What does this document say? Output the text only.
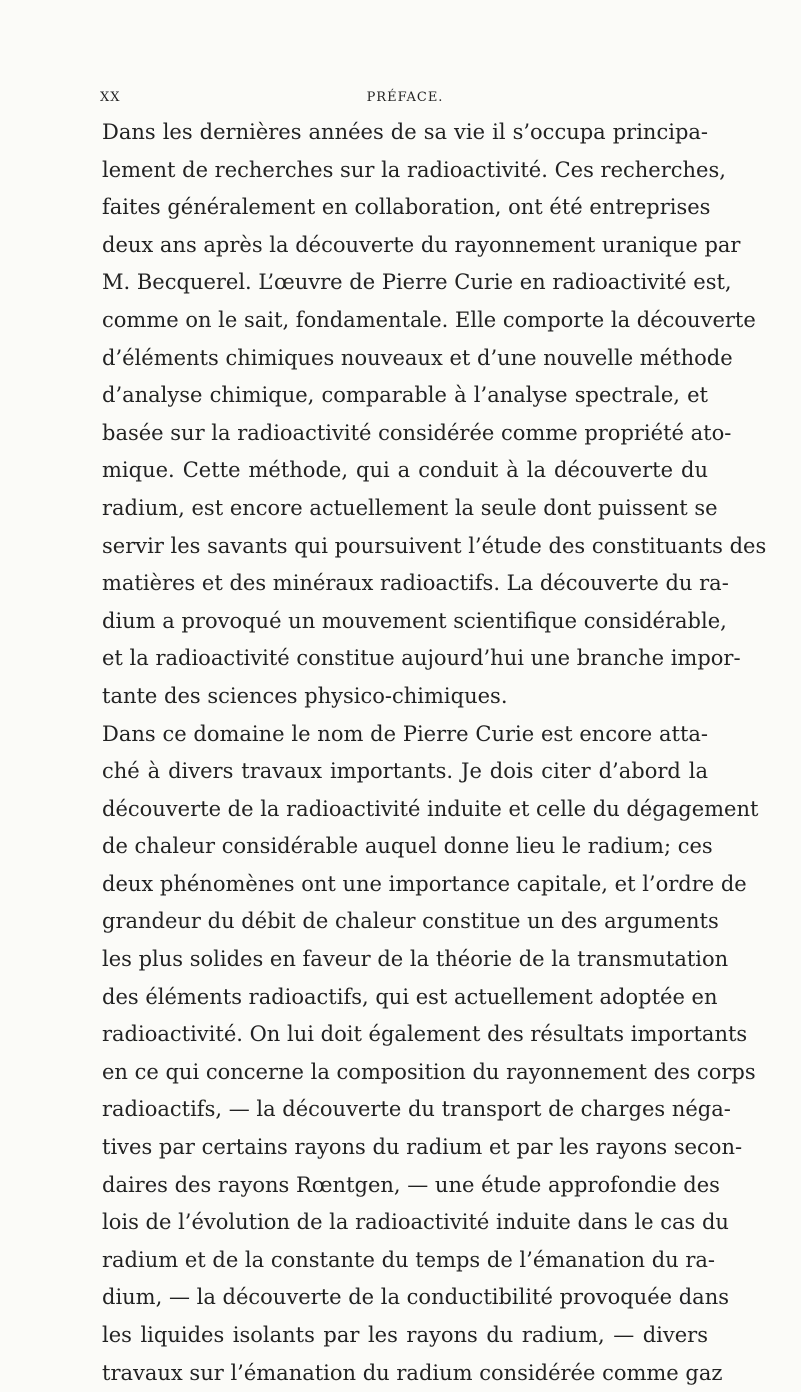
XX	PRÉFACE.
Dans les dernières années de sa vie il s’occupa principa-
lement de recherches sur la radioactivité. Ces recherches,
faites généralement en collaboration, ont été entreprises
deux ans après la découverte du rayonnement uranique par
M. Becquerel. L’œuvre de Pierre Curie en radioactivité est,
comme on le sait, fondamentale. Elle comporte la découverte
d’éléments chimiques nouveaux et d’une nouvelle méthode
d’analyse chimique, comparable à l’analyse spectrale, et
basée sur la radioactivité considérée comme propriété ato-
mique. Cette méthode, qui a conduit à la découverte du
radium, est encore actuellement la seule dont puissent se
servir les savants qui poursuivent l’étude des constituants des
matières et des minéraux radioactifs. La découverte du ra-
dium a provoqué un mouvement scientifique considérable,
et la radioactivité constitue aujourd’hui une branche impor-
tante des sciences physico-chimiques.
Dans ce domaine le nom de Pierre Curie est encore atta-
ché à divers travaux importants. Je dois citer d’abord la
découverte de la radioactivité induite et celle du dégagement
de chaleur considérable auquel donne lieu le radium; ces
deux phénomènes ont une importance capitale, et l’ordre de
grandeur du débit de chaleur constitue un des arguments
les plus solides en faveur de la théorie de la transmutation
des éléments radioactifs, qui est actuellement adoptée en
radioactivité. On lui doit également des résultats importants
en ce qui concerne la composition du rayonnement des corps
radioactifs, — la découverte du transport de charges néga-
tives par certains rayons du radium et par les rayons secon-
daires des rayons Rœntgen, — une étude approfondie des
lois de l’évolution de la radioactivité induite dans le cas du
radium et de la constante du temps de l’émanation du ra-
dium, — la découverte de la conductibilité provoquée dans
les liquides isolants par les rayons du radium, — divers
travaux sur l’émanation du radium considérée comme gaz
